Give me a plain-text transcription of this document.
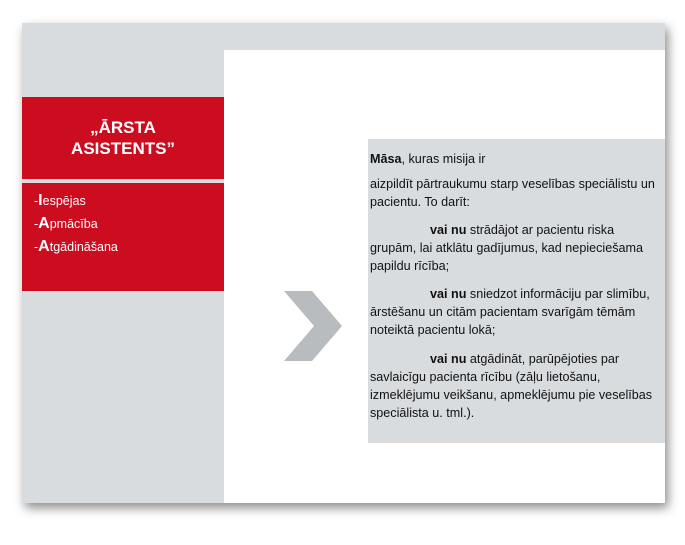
„ĀRSTA
ASISTENTS”
-Iespējas
-Apmācība
-Atgādināšana
Māsa, kuras misija ir
aizpildīt pārtraukumu starp veselības speciālistu un pacientu. To darīt:
vai nu strādājot ar pacientu riska grupām, lai atklātu gadījumus, kad nepieciešama papildu rīcība;
vai nu sniedzot informāciju par slimību, ārstēšanu un citām pacientam svarīgām tēmām noteiktā pacientu lokā;
vai nu atgādināt, parūpējoties par savlaicīgu pacienta rīcību (zāļu lietošanu, izmeklējumu veikšanu, apmeklējumu pie veselības speciālista u. tml.).
